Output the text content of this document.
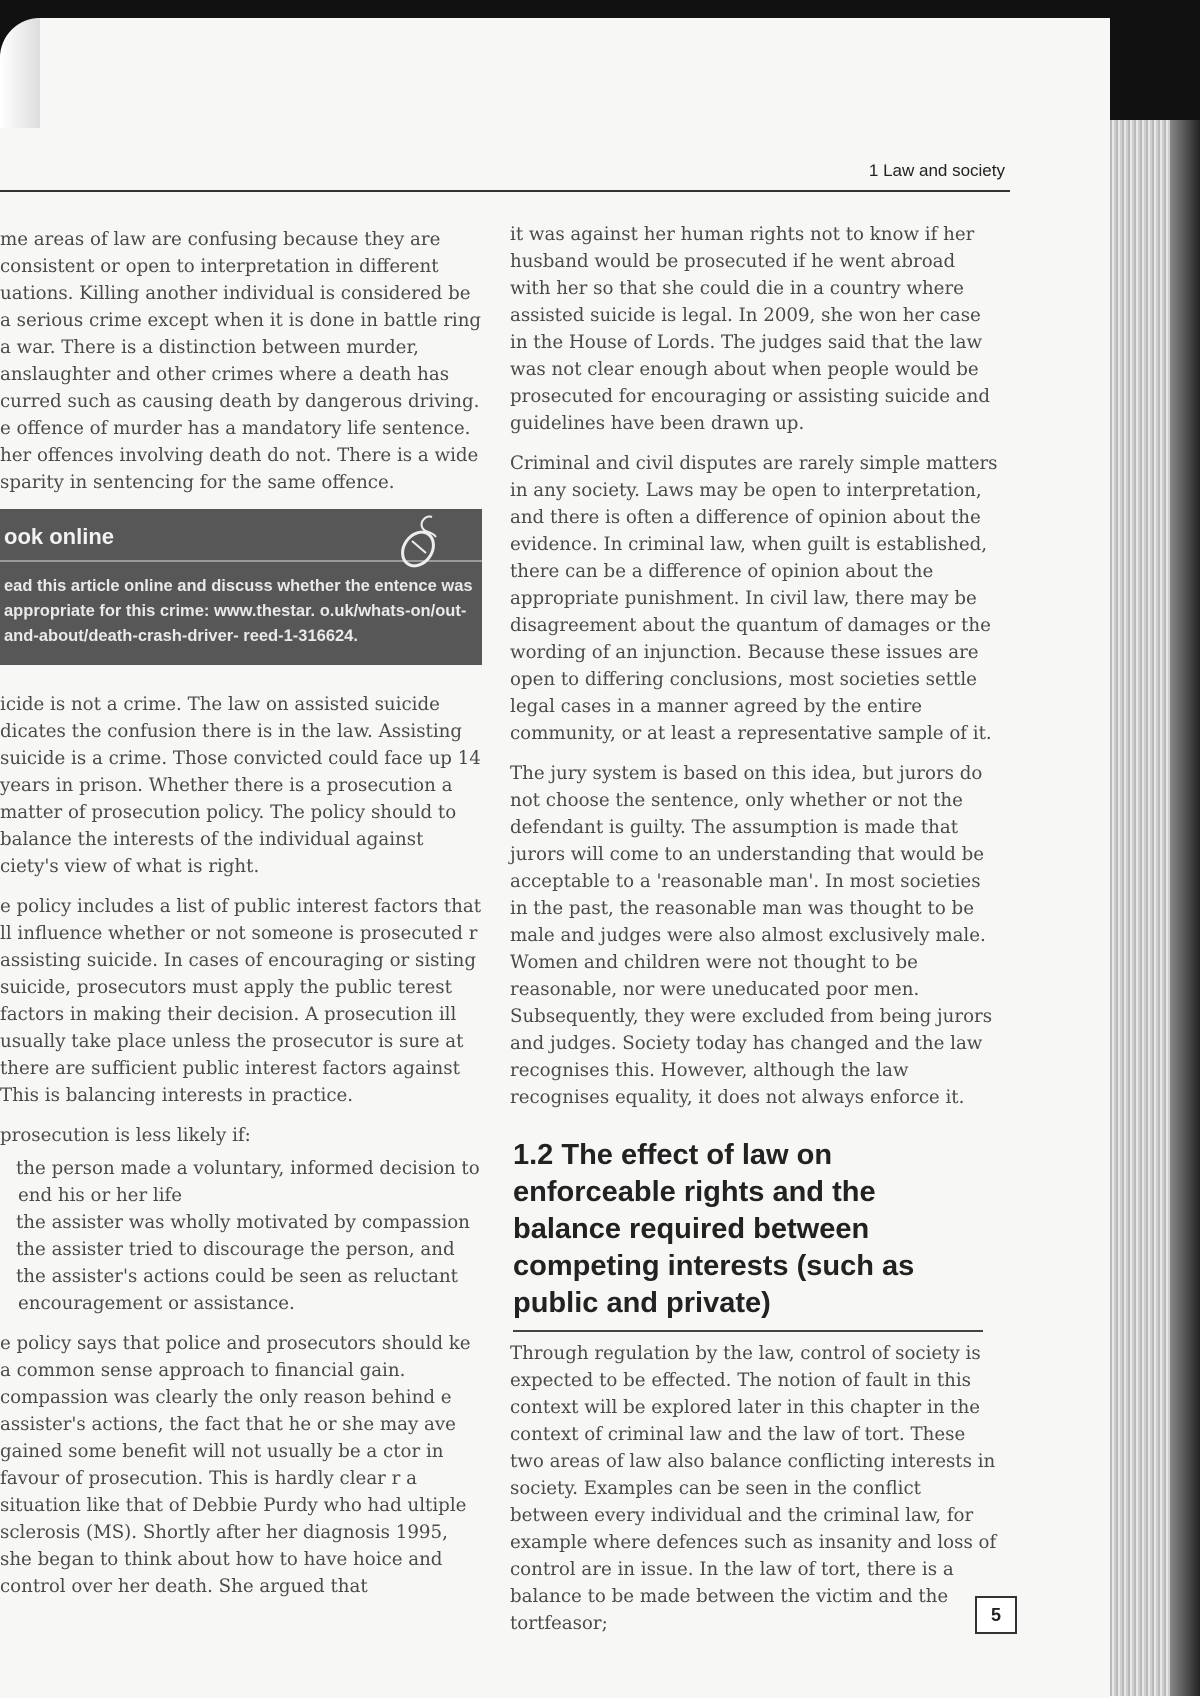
1 Law and society

me areas of law are confusing because they are consistent or open to interpretation in different uations. Killing another individual is considered be a serious crime except when it is done in battle ring a war. There is a distinction between murder, anslaughter and other crimes where a death has curred such as causing death by dangerous driving. e offence of murder has a mandatory life sentence. her offences involving death do not. There is a wide sparity in sentencing for the same offence.

ook online
ead this article online and discuss whether the entence was appropriate for this crime: www.thestar. o.uk/whats-on/out-and-about/death-crash-driver- reed-1-316624.

icide is not a crime. The law on assisted suicide dicates the confusion there is in the law. Assisting suicide is a crime. Those convicted could face up 14 years in prison. Whether there is a prosecution a matter of prosecution policy. The policy should to balance the interests of the individual against ciety's view of what is right.

e policy includes a list of public interest factors that ll influence whether or not someone is prosecuted r assisting suicide. In cases of encouraging or sisting suicide, prosecutors must apply the public terest factors in making their decision. A prosecution ill usually take place unless the prosecutor is sure at there are sufficient public interest factors against This is balancing interests in practice.

prosecution is less likely if:

the person made a voluntary, informed decision to end his or her life
the assister was wholly motivated by compassion
the assister tried to discourage the person, and
the assister's actions could be seen as reluctant encouragement or assistance.

e policy says that police and prosecutors should ke a common sense approach to financial gain. compassion was clearly the only reason behind e assister's actions, the fact that he or she may ave gained some benefit will not usually be a ctor in favour of prosecution. This is hardly clear r a situation like that of Debbie Purdy who had ultiple sclerosis (MS). Shortly after her diagnosis 1995, she began to think about how to have hoice and control over her death. She argued that

it was against her human rights not to know if her husband would be prosecuted if he went abroad with her so that she could die in a country where assisted suicide is legal. In 2009, she won her case in the House of Lords. The judges said that the law was not clear enough about when people would be prosecuted for encouraging or assisting suicide and guidelines have been drawn up.

Criminal and civil disputes are rarely simple matters in any society. Laws may be open to interpretation, and there is often a difference of opinion about the evidence. In criminal law, when guilt is established, there can be a difference of opinion about the appropriate punishment. In civil law, there may be disagreement about the quantum of damages or the wording of an injunction. Because these issues are open to differing conclusions, most societies settle legal cases in a manner agreed by the entire community, or at least a representative sample of it.

The jury system is based on this idea, but jurors do not choose the sentence, only whether or not the defendant is guilty. The assumption is made that jurors will come to an understanding that would be acceptable to a 'reasonable man'. In most societies in the past, the reasonable man was thought to be male and judges were also almost exclusively male. Women and children were not thought to be reasonable, nor were uneducated poor men. Subsequently, they were excluded from being jurors and judges. Society today has changed and the law recognises this. However, although the law recognises equality, it does not always enforce it.

1.2 The effect of law on enforceable rights and the balance required between competing interests (such as public and private)

Through regulation by the law, control of society is expected to be effected. The notion of fault in this context will be explored later in this chapter in the context of criminal law and the law of tort. These two areas of law also balance conflicting interests in society. Examples can be seen in the conflict between every individual and the criminal law, for example where defences such as insanity and loss of control are in issue. In the law of tort, there is a balance to be made between the victim and the tortfeasor;	5
